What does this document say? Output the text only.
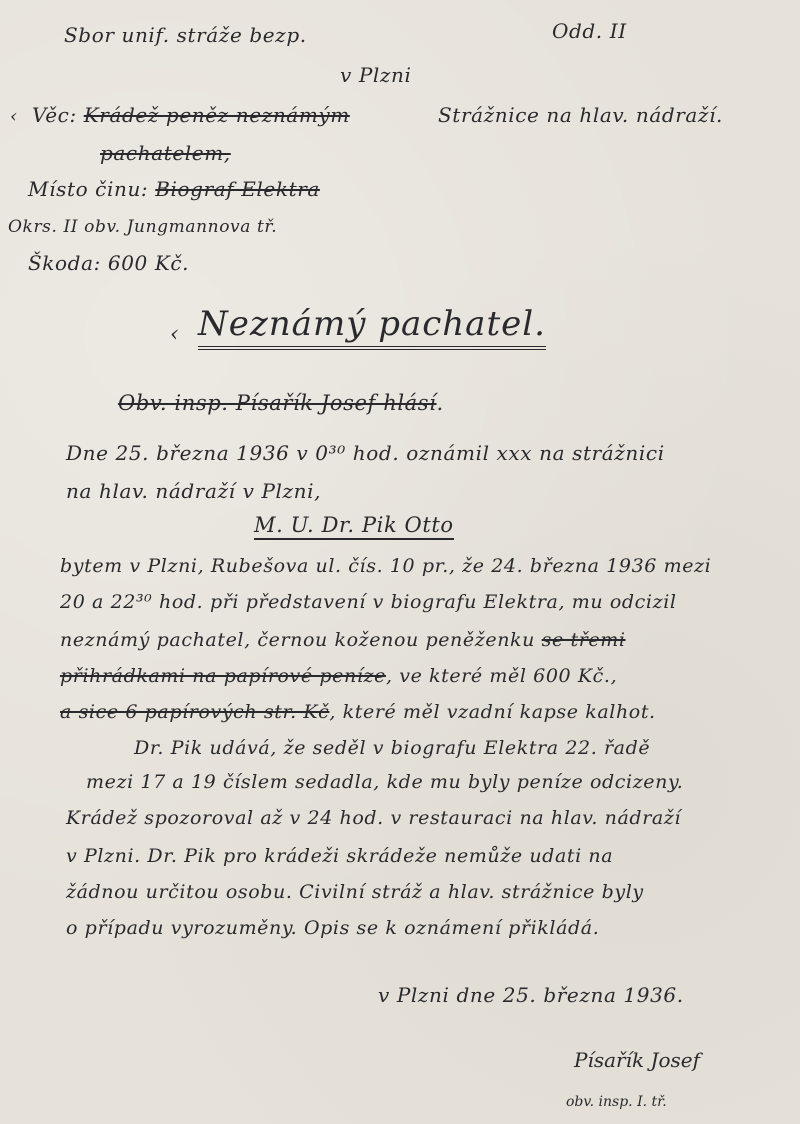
Sbor unif. stráže bezp.
v Plzni
Odd. II
Strážnice na hlav. nádraží.
‹ Věc: Krádež peněz neznámým
pachatelem,
Místo činu: Biograf Elektra
Okrs. II obv. Jungmannova tř.
Škoda: 600 Kč.
‹ Neznámý pachatel.
Obv. insp. Písařík Josef hlásí.
Dne 25. března 1936 v 0³⁰ hod. oznámil xxx na strážnici
na hlav. nádraží v Plzni,
M. U. Dr. Pik Otto
bytem v Plzni, Rubešova ul. čís. 10 pr., že 24. března 1936 mezi
20 a 22³⁰ hod. při představení v biografu Elektra, mu odcizil
neznámý pachatel, černou koženou peněženku se třemi
přihrádkami na papírové peníze, ve které měl 600 Kč.,
a sice 6 papírových str. Kč, které měl vzadní kapse kalhot.
Dr. Pik udává, že seděl v biografu Elektra 22. řadě
mezi 17 a 19 číslem sedadla, kde mu byly peníze odcizeny.
Krádež spozoroval až v 24 hod. v restauraci na hlav. nádraží
v Plzni. Dr. Pik pro krádeži skrádeže nemůže udati na
žádnou určitou osobu. Civilní stráž a hlav. strážnice byly
o případu vyrozuměny. Opis se k oznámení přikládá.
v Plzni dne 25. března 1936.
Písařík Josef
obv. insp. I. tř.
